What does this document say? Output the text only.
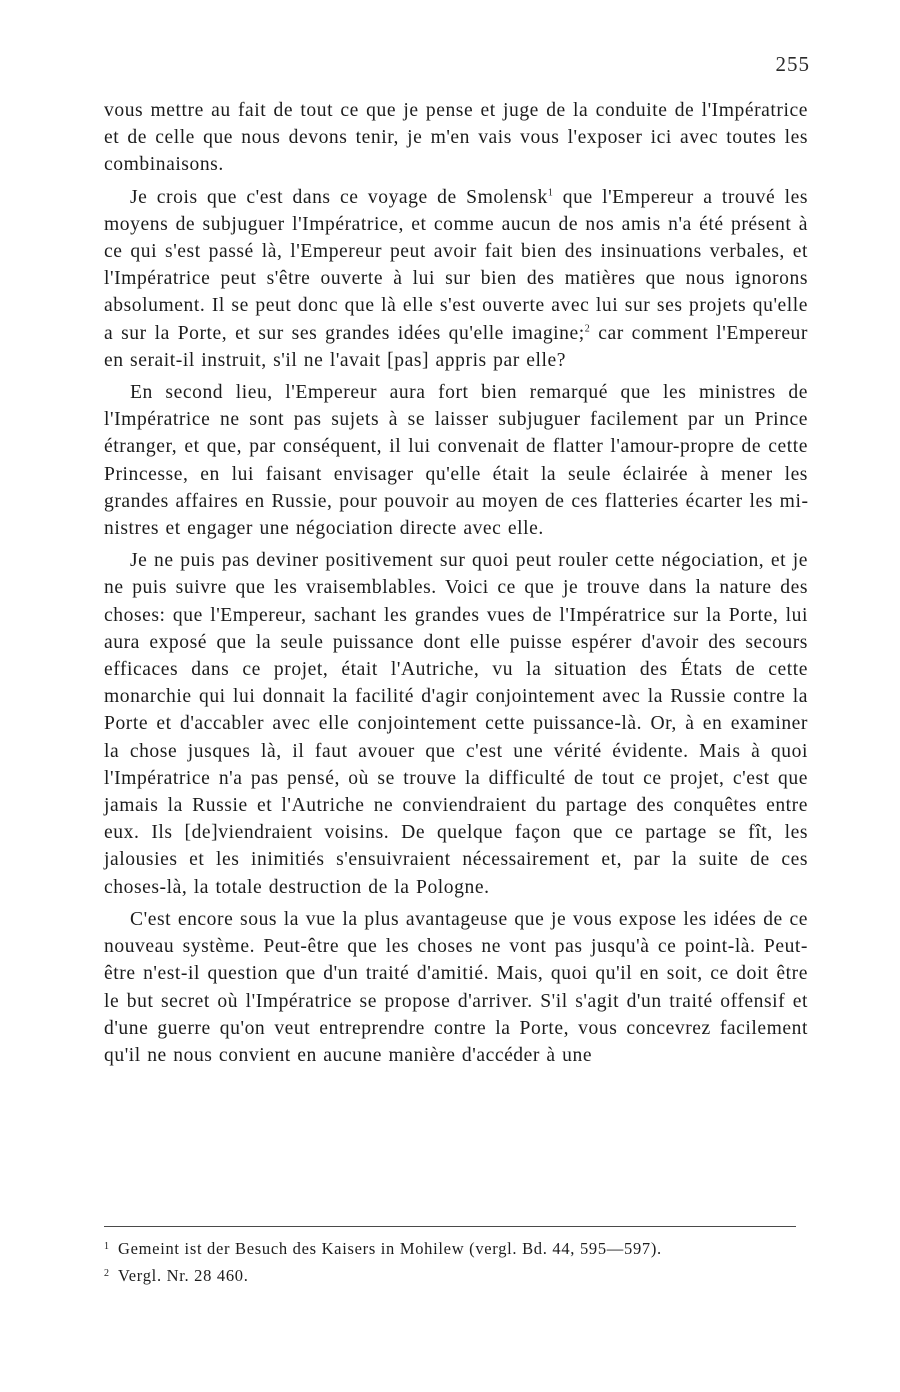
255

vous mettre au fait de tout ce que je pense et juge de la conduite de l'Impératrice et de celle que nous devons tenir, je m'en vais vous l'exposer ici avec toutes les combinaisons.

Je crois que c'est dans ce voyage de Smolensk$^1$ que l'Empereur a trouvé les moyens de subjuguer l'Impératrice, et comme aucun de nos amis n'a été présent à ce qui s'est passé là, l'Empereur peut avoir fait bien des insinuations verbales, et l'Impératrice peut s'être ouverte à lui sur bien des matières que nous ignorons absolument. Il se peut donc que là elle s'est ouverte avec lui sur ses projets qu'elle a sur la Porte, et sur ses grandes idées qu'elle imagine;$^2$ car comment l'Empereur en serait-il instruit, s'il ne l'avait [pas] appris par elle?

En second lieu, l'Empereur aura fort bien remarqué que les ministres de l'Impératrice ne sont pas sujets à se laisser subjuguer facilement par un Prince étranger, et que, par conséquent, il lui convenait de flatter l'amour-propre de cette Princesse, en lui faisant envisager qu'elle était la seule éclairée à mener les grandes affaires en Russie, pour pouvoir au moyen de ces flatteries écarter les ministres et engager une négociation directe avec elle.

Je ne puis pas deviner positivement sur quoi peut rouler cette négociation, et je ne puis suivre que les vraisemblables. Voici ce que je trouve dans la nature des choses: que l'Empereur, sachant les grandes vues de l'Impératrice sur la Porte, lui aura exposé que la seule puissance dont elle puisse espérer d'avoir des secours efficaces dans ce projet, était l'Autriche, vu la situation des États de cette monarchie qui lui donnait la facilité d'agir conjointement avec la Russie contre la Porte et d'accabler avec elle conjointement cette puissance-là. Or, à en examiner la chose jusques là, il faut avouer que c'est une vérité évidente. Mais à quoi l'Impératrice n'a pas pensé, où se trouve la difficulté de tout ce projet, c'est que jamais la Russie et l'Autriche ne conviendraient du partage des conquêtes entre eux. Ils [de]viendraient voisins. De quelque façon que ce partage se fît, les jalousies et les inimitiés s'ensuivraient nécessairement et, par la suite de ces choses-là, la totale destruction de la Pologne.

C'est encore sous la vue la plus avantageuse que je vous expose les idées de ce nouveau système. Peut-être que les choses ne vont pas jusqu'à ce point-là. Peut-être n'est-il question que d'un traité d'amitié. Mais, quoi qu'il en soit, ce doit être le but secret où l'Impératrice se propose d'arriver. S'il s'agit d'un traité offensif et d'une guerre qu'on veut entreprendre contre la Porte, vous concevrez facilement qu'il ne nous convient en aucune manière d'accéder à une

1 Gemeint ist der Besuch des Kaisers in Mohilew (vergl. Bd. 44, 595—597).

2 Vergl. Nr. 28 460.
